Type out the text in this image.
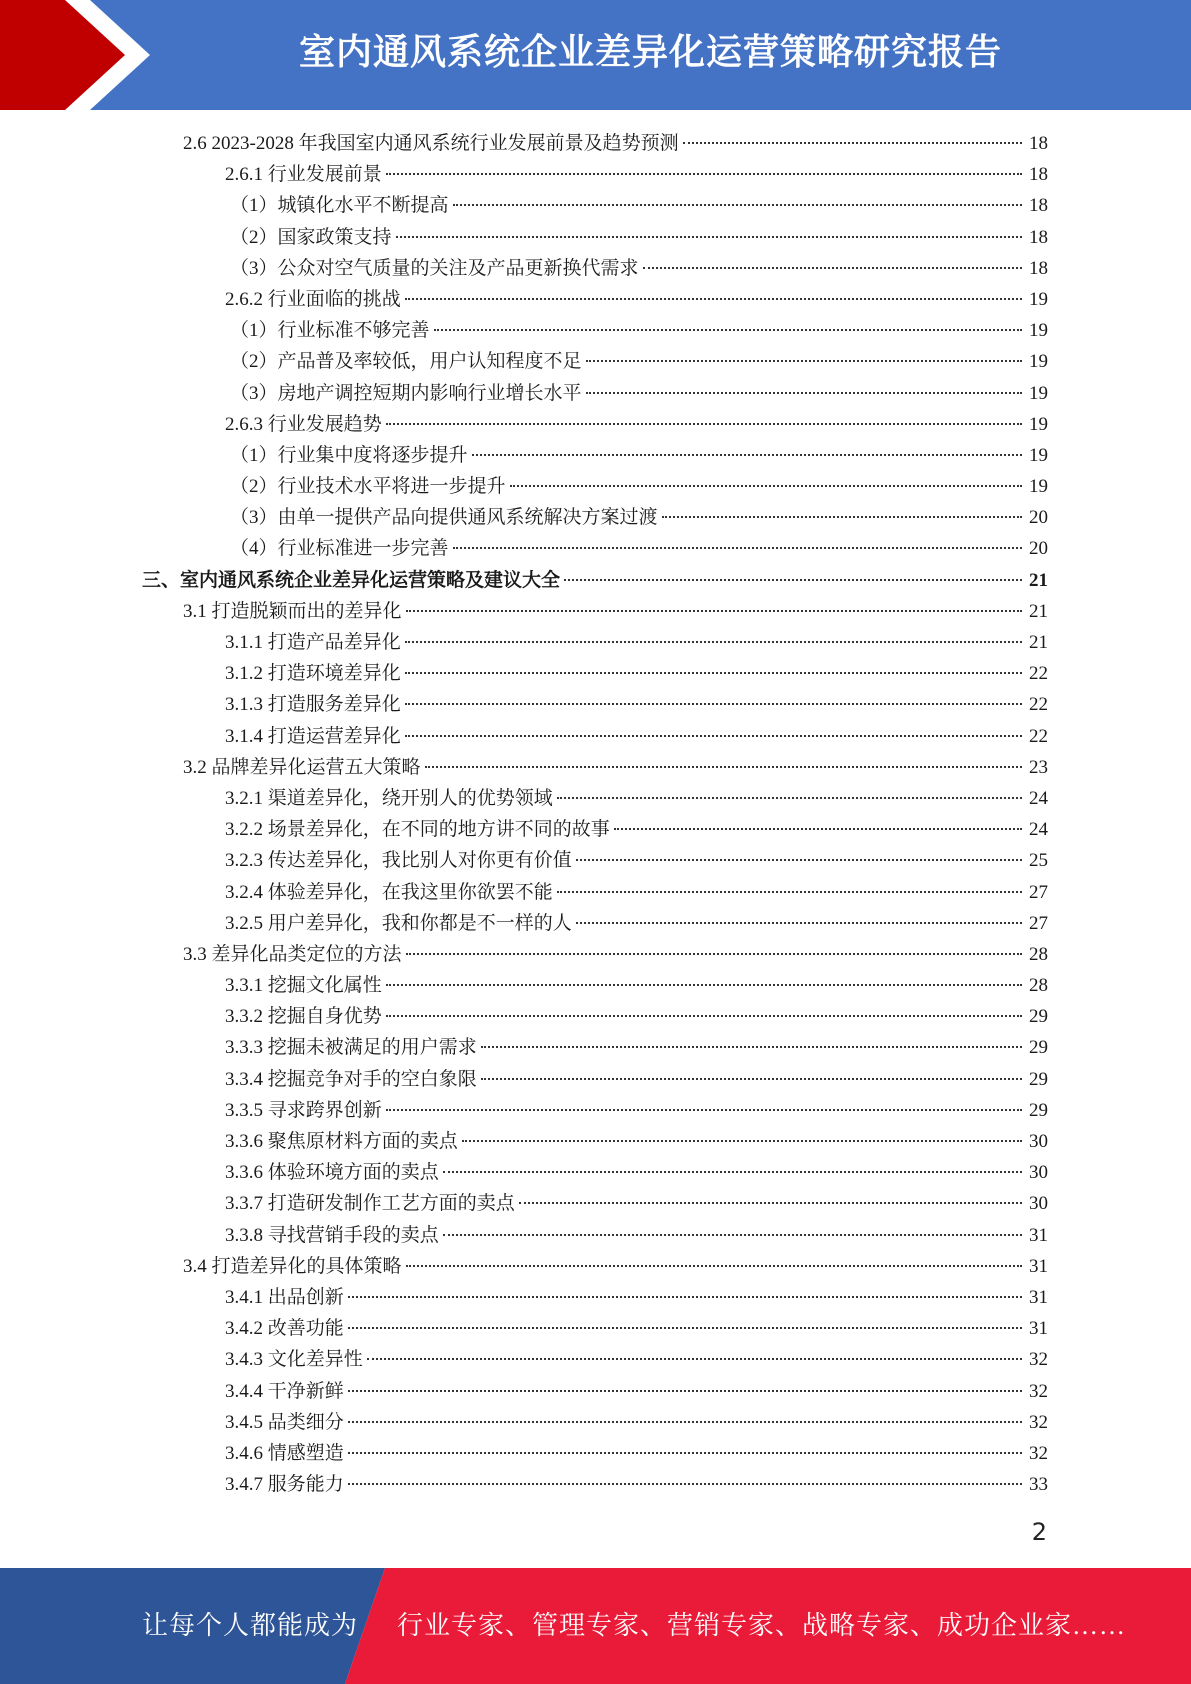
室内通风系统企业差异化运营策略研究报告
2.6 2023-2028 年我国室内通风系统行业发展前景及趋势预测	18
2.6.1 行业发展前景	18
（1）城镇化水平不断提高	18
（2）国家政策支持	18
（3）公众对空气质量的关注及产品更新换代需求	18
2.6.2 行业面临的挑战	19
（1）行业标准不够完善	19
（2）产品普及率较低，用户认知程度不足	19
（3）房地产调控短期内影响行业增长水平	19
2.6.3 行业发展趋势	19
（1）行业集中度将逐步提升	19
（2）行业技术水平将进一步提升	19
（3）由单一提供产品向提供通风系统解决方案过渡	20
（4）行业标准进一步完善	20
三、室内通风系统企业差异化运营策略及建议大全	21
3.1 打造脱颖而出的差异化	21
3.1.1 打造产品差异化	21
3.1.2 打造环境差异化	22
3.1.3 打造服务差异化	22
3.1.4 打造运营差异化	22
3.2 品牌差异化运营五大策略	23
3.2.1 渠道差异化，绕开别人的优势领域	24
3.2.2 场景差异化，在不同的地方讲不同的故事	24
3.2.3 传达差异化，我比别人对你更有价值	25
3.2.4 体验差异化，在我这里你欲罢不能	27
3.2.5 用户差异化，我和你都是不一样的人	27
3.3 差异化品类定位的方法	28
3.3.1 挖掘文化属性	28
3.3.2 挖掘自身优势	29
3.3.3 挖掘未被满足的用户需求	29
3.3.4 挖掘竞争对手的空白象限	29
3.3.5 寻求跨界创新	29
3.3.6 聚焦原材料方面的卖点	30
3.3.6 体验环境方面的卖点	30
3.3.7 打造研发制作工艺方面的卖点	30
3.3.8 寻找营销手段的卖点	31
3.4 打造差异化的具体策略	31
3.4.1 出品创新	31
3.4.2 改善功能	31
3.4.3 文化差异性	32
3.4.4 干净新鲜	32
3.4.5 品类细分	32
3.4.6 情感塑造	32
3.4.7 服务能力	33
2
让每个人都能成为 行业专家、管理专家、营销专家、战略专家、成功企业家……
